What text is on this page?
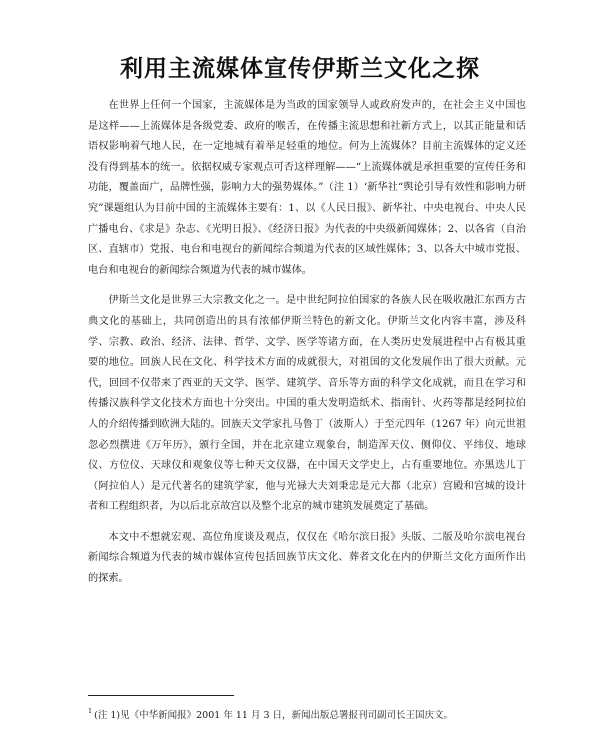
利用主流媒体宣传伊斯兰文化之探

在世界上任何一个国家，主流媒体是为当政的国家领导人或政府发声的，在社会主义中国也是这样——上流媒体是各级党委、政府的喉舌，在传播主流思想和社新方式上，以其正能量和话语权影响着气地人民，在一定地城有着举足轻重的地位。何为上流媒体？目前主流媒体的定义还没有得到基本的统一。依据权威专家观点可否这样理解——“上流媒体就是承担重要的宣传任务和功能，覆盖面广，品牌性强，影响力大的强势媒体。”（注 1）‘新华社“舆论引导有效性和影响力研究”课题组认为目前中国的主流媒体主要有：1、以《人民日报》、新华社、中央电视台、中央人民广播电台、《求是》杂志、《光明日报》、《经济日报》为代表的中央级新闻媒体；2、以各省（自治区、直辖市）党报、电台和电视台的新闻综合频道为代表的区域性媒体；3、以各大中城市党报、电台和电视台的新闻综合频道为代表的城市媒体。

伊斯兰文化是世界三大宗教文化之一。是中世纪阿拉伯国家的各族人民在吸收融汇东西方古典文化的基础上，共同创造出的具有浓郁伊斯兰特色的新文化。伊斯兰文化内容丰富，涉及科学、宗教、政治、经济、法律、哲学、文学、医学等诸方面，在人类历史发展进程中占有极其重要的地位。回族人民在文化、科学技术方面的成就很大，对祖国的文化发展作出了很大贡献。元代，回回不仅带来了西亚的天文学、医学、建筑学、音乐等方面的科学文化成就，而且在学习和传播汉族科学文化技术方面也十分突出。中国的重大发明造纸术、指南针、火药等都是经阿拉伯人的介绍传播到欧洲大陆的。回族天文学家扎马鲁丁（波斯人）于至元四年（1267 年）向元世祖忽必烈撰进《万年历》，颁行全国，并在北京建立观象台，制造浑天仪、侧仰仪、平纬仪、地球仪、方位仪、天球仪和观象仪等七种天文仪器，在中国天文学史上，占有重要地位。亦黑迭儿丁（阿拉伯人）是元代著名的建筑学家，他与光禄大夫刘秉忠是元大都（北京）宫殿和宫城的设计者和工程组织者，为以后北京故宫以及整个北京的城市建筑发展奠定了基础。

本文中不想就宏观、高位角度谈及观点，仅仅在《哈尔滨日报》头版、二版及哈尔滨电视台新闻综合频道为代表的城市媒体宣传包括回族节庆文化、葬者文化在内的伊斯兰文化方面所作出的探索。

$^1$ (注 1)见《中华新闻报》2001 年 11 月 3 日，新闻出版总署报刊司副司长王国庆文。
